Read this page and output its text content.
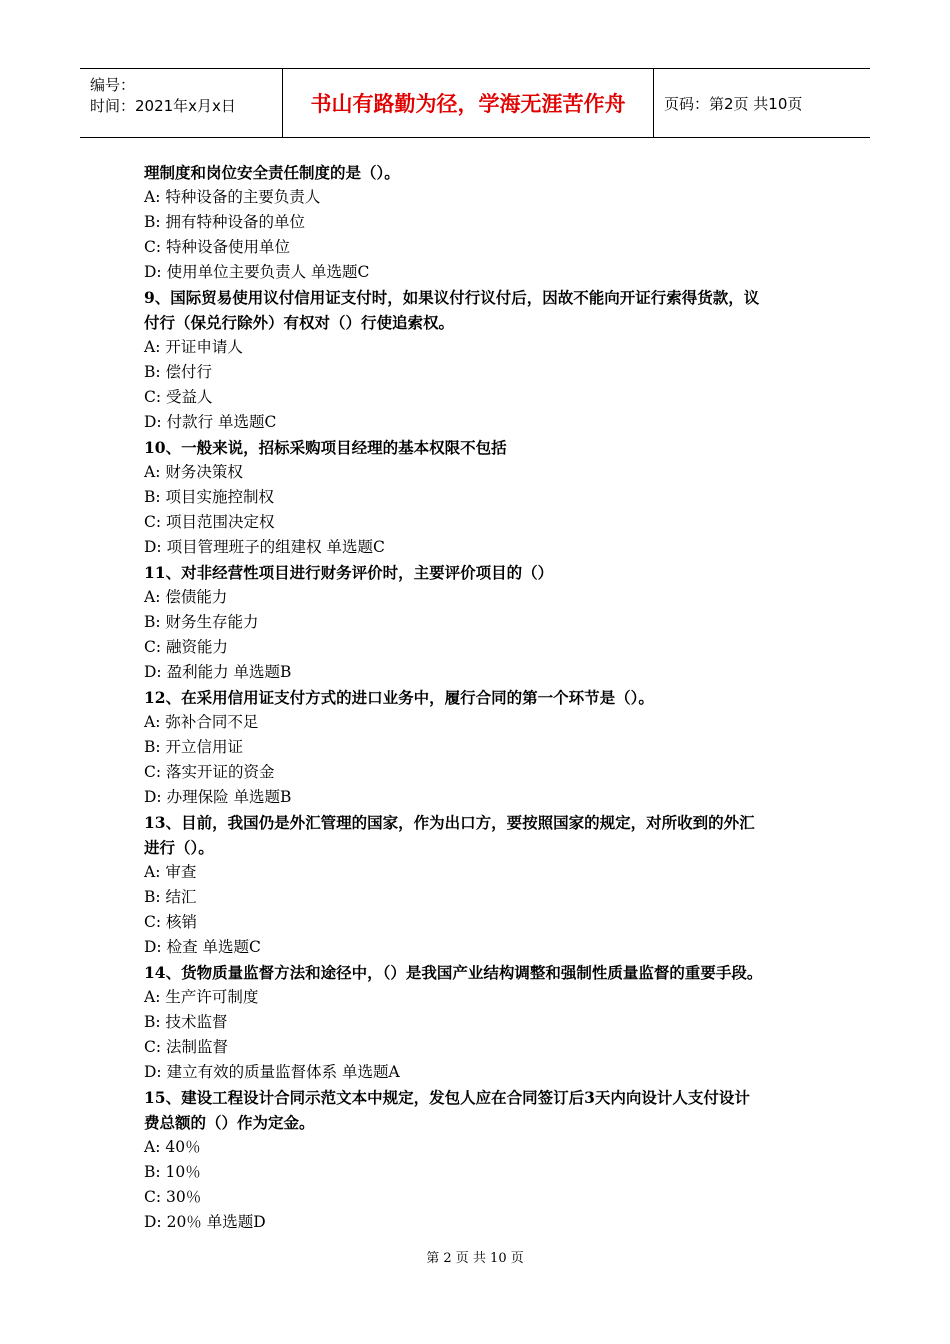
编号：
时间：2021年x月x日	书山有路勤为径，学海无涯苦作舟	页码：第2页 共10页
理制度和岗位安全责任制度的是（）。
A: 特种设备的主要负责人
B: 拥有特种设备的单位
C: 特种设备使用单位
D: 使用单位主要负责人 单选题C
9、国际贸易使用议付信用证支付时，如果议付行议付后，因故不能向开证行索得货款，议
付行（保兑行除外）有权对（）行使追索权。
A: 开证申请人
B: 偿付行
C: 受益人
D: 付款行 单选题C
10、一般来说，招标采购项目经理的基本权限不包括
A: 财务决策权
B: 项目实施控制权
C: 项目范围决定权
D: 项目管理班子的组建权 单选题C
11、对非经营性项目进行财务评价时，主要评价项目的（）
A: 偿债能力
B: 财务生存能力
C: 融资能力
D: 盈利能力 单选题B
12、在采用信用证支付方式的进口业务中，履行合同的第一个环节是（）。
A: 弥补合同不足
B: 开立信用证
C: 落实开证的资金
D: 办理保险 单选题B
13、目前，我国仍是外汇管理的国家，作为出口方，要按照国家的规定，对所收到的外汇
进行（）。
A: 审查
B: 结汇
C: 核销
D: 检查 单选题C
14、货物质量监督方法和途径中，（）是我国产业结构调整和强制性质量监督的重要手段。
A: 生产许可制度
B: 技术监督
C: 法制监督
D: 建立有效的质量监督体系 单选题A
15、建设工程设计合同示范文本中规定，发包人应在合同签订后3天内向设计人支付设计
费总额的（）作为定金。
A: 40％
B: 10％
C: 30％
D: 20％ 单选题D
第 2 页 共 10 页
